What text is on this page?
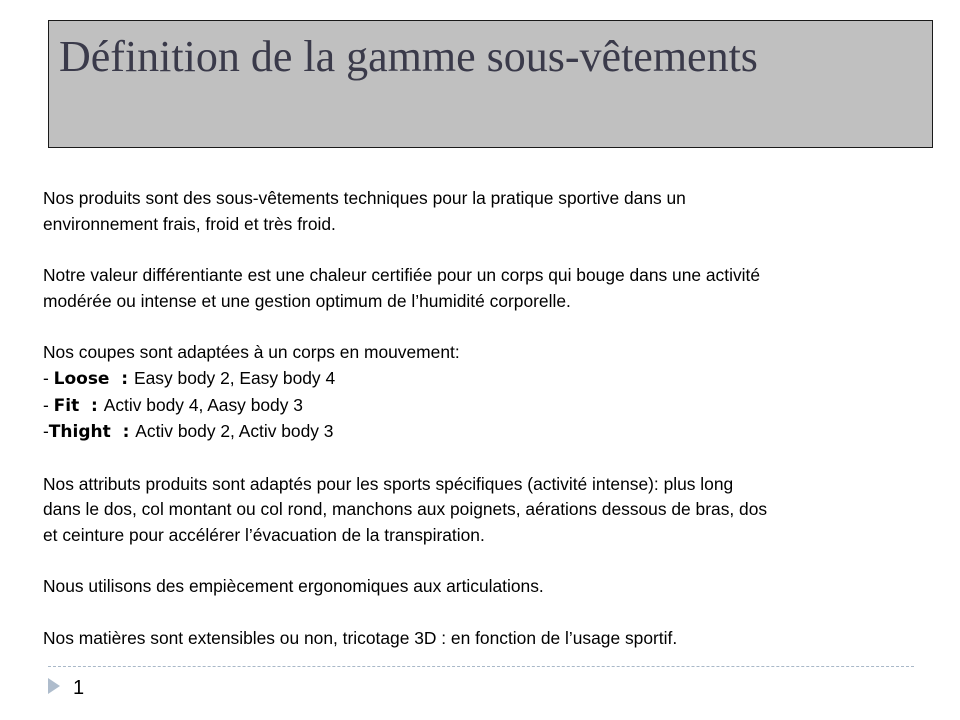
Définition de la gamme sous-vêtements

Nos produits sont des sous-vêtements techniques pour la pratique sportive dans un

environnement frais, froid et très froid.

Notre valeur différentiante est une chaleur certifiée pour un corps qui bouge dans une activité

modérée ou intense et une gestion optimum de l’humidité corporelle.

Nos coupes sont adaptées à un corps en mouvement:

- Loose  : Easy body 2, Easy body 4

- Fit  : Activ body 4, Aasy body 3

-Thight  : Activ body 2, Activ body 3

Nos attributs produits sont adaptés pour les sports spécifiques (activité intense): plus long

dans le dos, col montant ou col rond, manchons aux poignets, aérations dessous de bras, dos

et ceinture pour accélérer l’évacuation de la transpiration.

Nous utilisons des empiècement ergonomiques aux articulations.

Nos matières sont extensibles ou non, tricotage 3D : en fonction de l’usage sportif.

1
